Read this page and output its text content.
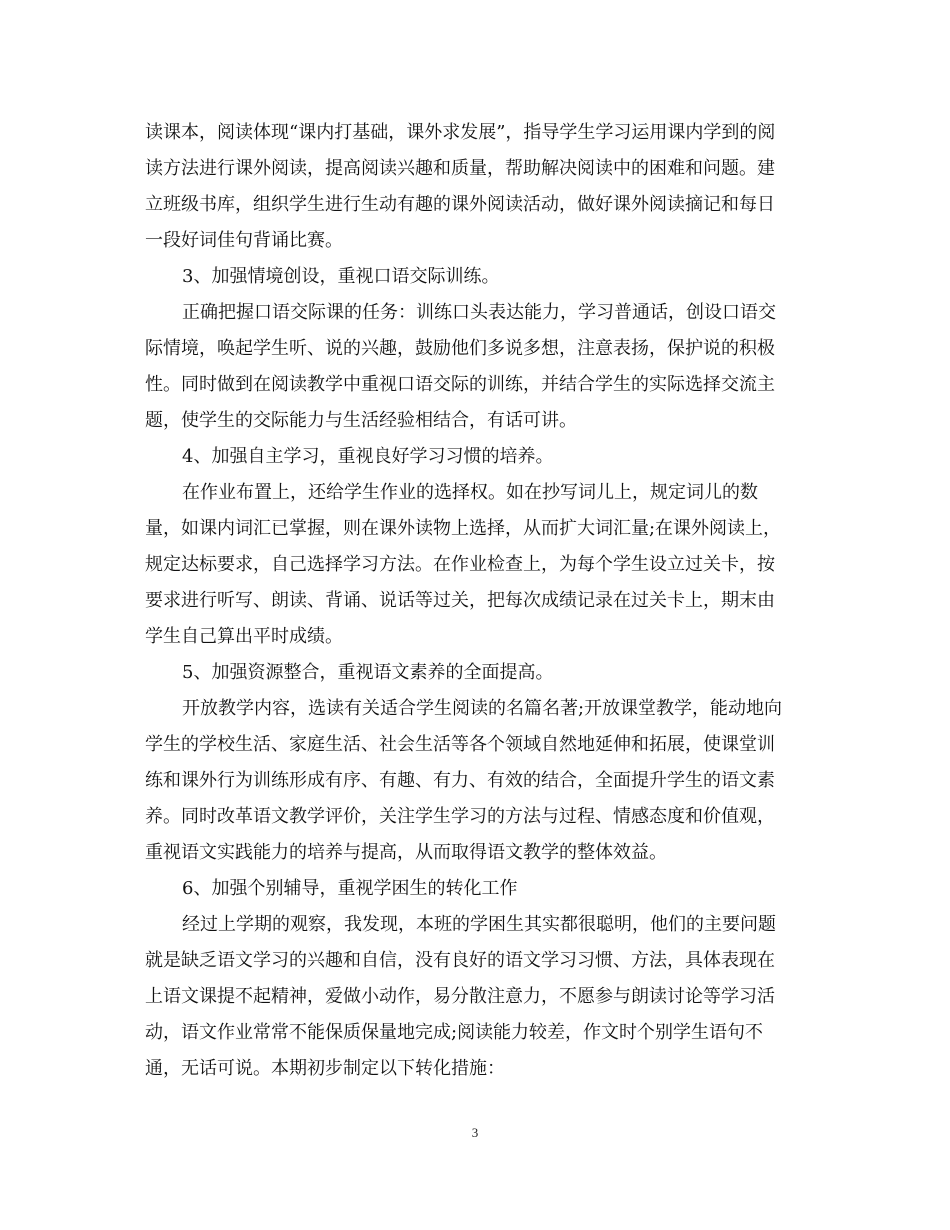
读课本，阅读体现“课内打基础，课外求发展”，指导学生学习运用课内学到的阅
读方法进行课外阅读，提高阅读兴趣和质量，帮助解决阅读中的困难和问题。建
立班级书库，组织学生进行生动有趣的课外阅读活动，做好课外阅读摘记和每日
一段好词佳句背诵比赛。
3、加强情境创设，重视口语交际训练。
正确把握口语交际课的任务：训练口头表达能力，学习普通话，创设口语交
际情境，唤起学生听、说的兴趣，鼓励他们多说多想，注意表扬，保护说的积极
性。同时做到在阅读教学中重视口语交际的训练，并结合学生的实际选择交流主
题，使学生的交际能力与生活经验相结合，有话可讲。
4、加强自主学习，重视良好学习习惯的培养。
在作业布置上，还给学生作业的选择权。如在抄写词儿上，规定词儿的数
量，如课内词汇已掌握，则在课外读物上选择，从而扩大词汇量;在课外阅读上，
规定达标要求，自己选择学习方法。在作业检查上，为每个学生设立过关卡，按
要求进行听写、朗读、背诵、说话等过关，把每次成绩记录在过关卡上，期末由
学生自己算出平时成绩。
5、加强资源整合，重视语文素养的全面提高。
开放教学内容，选读有关适合学生阅读的名篇名著;开放课堂教学，能动地向
学生的学校生活、家庭生活、社会生活等各个领域自然地延伸和拓展，使课堂训
练和课外行为训练形成有序、有趣、有力、有效的结合，全面提升学生的语文素
养。同时改革语文教学评价，关注学生学习的方法与过程、情感态度和价值观，
重视语文实践能力的培养与提高，从而取得语文教学的整体效益。
6、加强个别辅导，重视学困生的转化工作
经过上学期的观察，我发现，本班的学困生其实都很聪明，他们的主要问题
就是缺乏语文学习的兴趣和自信，没有良好的语文学习习惯、方法，具体表现在
上语文课提不起精神，爱做小动作，易分散注意力，不愿参与朗读讨论等学习活
动，语文作业常常不能保质保量地完成;阅读能力较差，作文时个别学生语句不
通，无话可说。本期初步制定以下转化措施：
3
